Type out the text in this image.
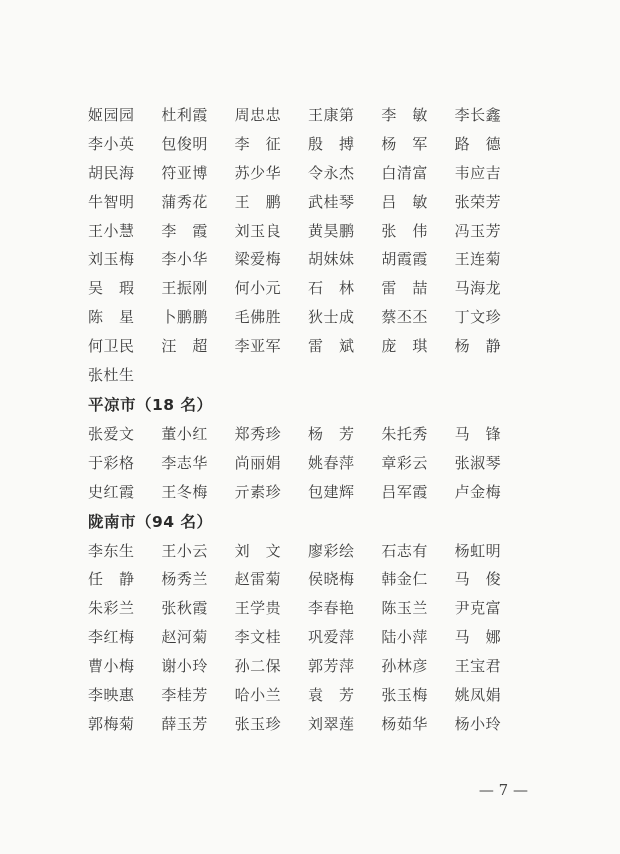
姬园园	杜利霞	周忠忠	王康第	李　敏	李长鑫
李小英	包俊明	李　征	殷　搏	杨　军	路　德
胡民海	符亚博	苏少华	令永杰	白清富	韦应吉
牛智明	蒲秀花	王　鹏	武桂琴	吕　敏	张荣芳
王小慧	李　霞	刘玉良	黄昊鹏	张　伟	冯玉芳
刘玉梅	李小华	梁爱梅	胡妹妹	胡霞霞	王连菊
吴　瑕	王振刚	何小元	石　林	雷　喆	马海龙
陈　星	卜鹏鹏	毛佛胜	狄士成	蔡丕丕	丁文珍
何卫民	汪　超	李亚军	雷　斌	庞　琪	杨　静
张杜生
平凉市（18 名）
张爱文	董小红	郑秀珍	杨　芳	朱托秀	马　锋
于彩格	李志华	尚丽娟	姚春萍	章彩云	张淑琴
史红霞	王冬梅	亓素珍	包建辉	吕军霞	卢金梅
陇南市（94 名）
李东生	王小云	刘　文	廖彩绘	石志有	杨虹明
任　静	杨秀兰	赵雷菊	侯晓梅	韩金仁	马　俊
朱彩兰	张秋霞	王学贵	李春艳	陈玉兰	尹克富
李红梅	赵河菊	李文桂	巩爱萍	陆小萍	马　娜
曹小梅	谢小玲	孙二保	郭芳萍	孙林彦	王宝君
李映惠	李桂芳	哈小兰	袁　芳	张玉梅	姚凤娟
郭梅菊	薛玉芳	张玉珍	刘翠莲	杨茹华	杨小玲
— 7 —
